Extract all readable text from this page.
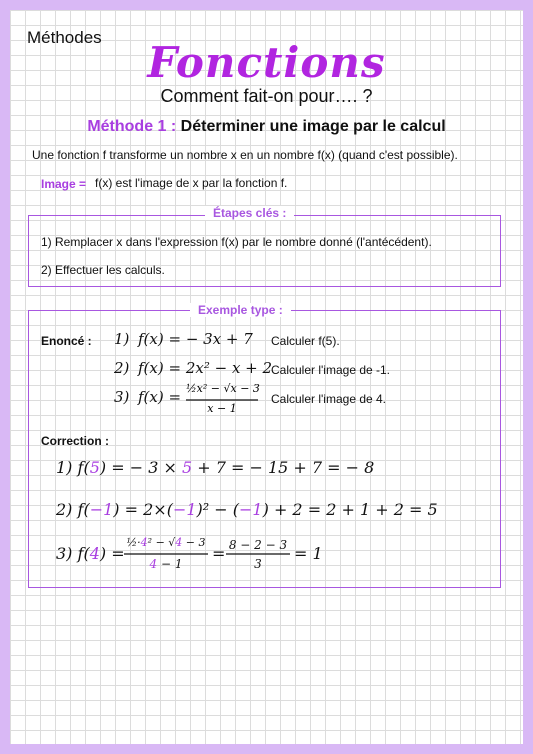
Méthodes
Fonctions
Comment fait-on pour…. ?
Méthode 1 : Déterminer une image par le calcul
Une fonction f transforme un nombre x en un nombre f(x) (quand c'est possible).
Image = f(x) est l'image de x par la fonction f.
Étapes clés :
1) Remplacer x dans l'expression f(x) par le nombre donné (l'antécédent).
2) Effectuer les calculs.
Exemple type :
Enoncé : 1) f(x) = − 3x + 7 Calculer f(5).
2) f(x) = 2x² − x + 2
Calculer l'image de -1.
3) f(x) = ½x² − √x − 3
x − 1
Calculer l'image de 4.
Correction :
1) f(5) = − 3 × 5 + 7 = − 15 + 7 = − 8
2) f(−1) = 2×(−1)² − (−1) + 2 = 2 + 1 + 2 = 5
3) f(4) =
½·4² − √4 − 3
4 − 1
= 8 − 2 − 3
3
= 1
